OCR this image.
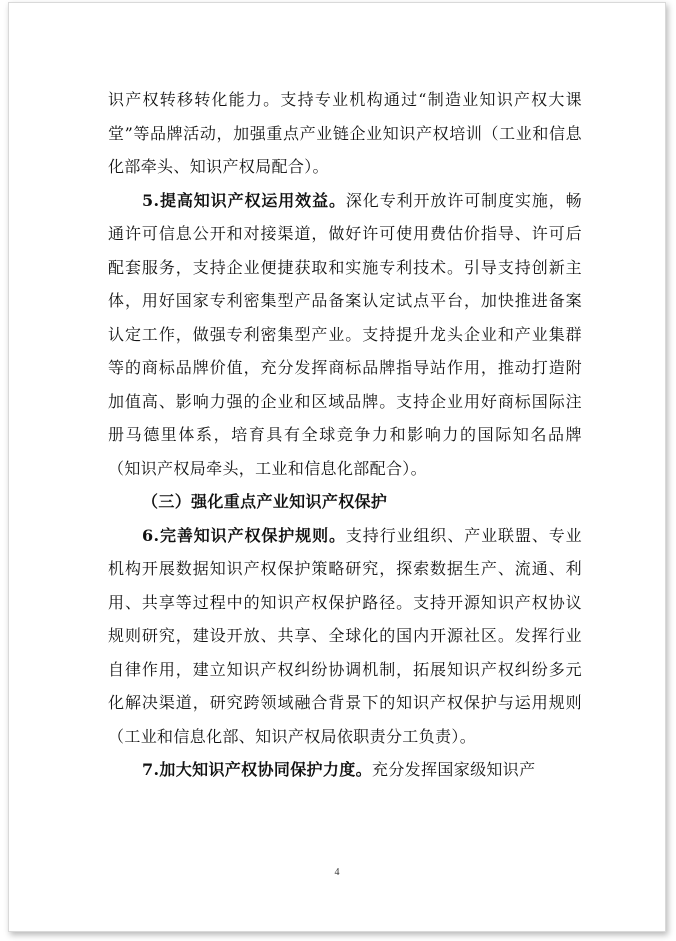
识产权转移转化能力。支持专业机构通过“制造业知识产权大课堂”等品牌活动，加强重点产业链企业知识产权培训（工业和信息化部牵头、知识产权局配合）。

5.提高知识产权运用效益。深化专利开放许可制度实施，畅通许可信息公开和对接渠道，做好许可使用费估价指导、许可后配套服务，支持企业便捷获取和实施专利技术。引导支持创新主体，用好国家专利密集型产品备案认定试点平台，加快推进备案认定工作，做强专利密集型产业。支持提升龙头企业和产业集群等的商标品牌价值，充分发挥商标品牌指导站作用，推动打造附加值高、影响力强的企业和区域品牌。支持企业用好商标国际注册马德里体系，培育具有全球竞争力和影响力的国际知名品牌（知识产权局牵头，工业和信息化部配合）。

（三）强化重点产业知识产权保护

6.完善知识产权保护规则。支持行业组织、产业联盟、专业机构开展数据知识产权保护策略研究，探索数据生产、流通、利用、共享等过程中的知识产权保护路径。支持开源知识产权协议规则研究，建设开放、共享、全球化的国内开源社区。发挥行业自律作用，建立知识产权纠纷协调机制，拓展知识产权纠纷多元化解决渠道，研究跨领域融合背景下的知识产权保护与运用规则（工业和信息化部、知识产权局依职责分工负责）。

7.加大知识产权协同保护力度。充分发挥国家级知识产

4
